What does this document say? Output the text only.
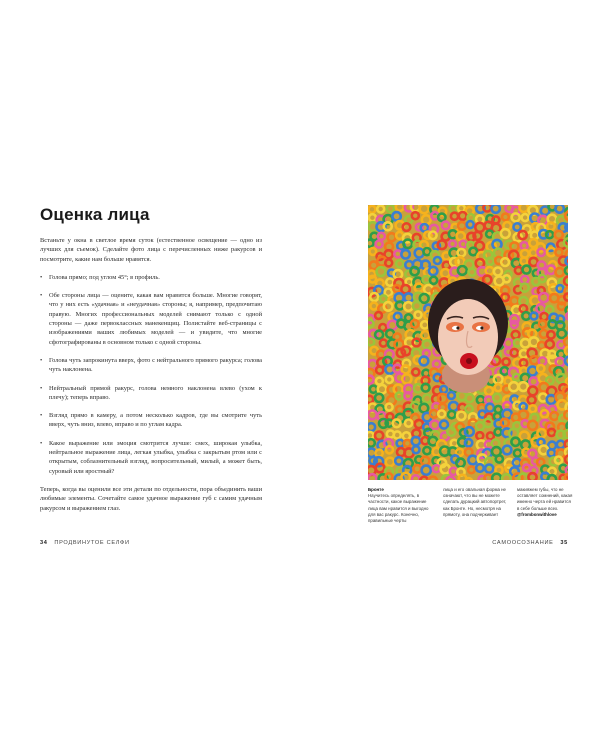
Оценка лица

Встаньте у окна в светлое время суток (естественное освещение — одно из лучших для съемок). Сделайте фото лица с перечисленных ниже ракурсов и посмотрите, какие нам больше нравятся.

• Голова прямо; под углом 45°; в профиль.
• Обе стороны лица — оцените, какая вам нравится больше. Многие говорят, что у них есть «удачная» и «неудачная» стороны; я, например, предпочитаю правую. Многих профессиональных моделей снимают только с одной стороны — даже первоклассных манекенщиц. Полистайте веб-страницы с изображениями ваших любимых моделей — и увидите, что многие сфотографированы в основном только с одной стороны.
• Голова чуть запрокинута вверх, фото с нейтрального прямого ракурса; голова чуть наклонена.
• Нейтральный прямой ракурс, голова немного наклонена влево (ухом к плечу); теперь вправо.
• Взгляд прямо в камеру, а потом несколько кадров, где вы смотрите чуть вверх, чуть вниз, влево, вправо и по углам кадра.
• Какое выражение или эмоция смотрится лучше: смех, широкая улыбка, нейтральное выражение лица, легкая улыбка, улыбка с закрытым ртом или с открытым, соблазнительный взгляд, вопросительный, милый, а может быть, суровый или яростный?

Теперь, когда вы оценили все эти детали по отдельности, пора объединить ваши любимые элементы. Сочетайте самое удачное выражение губ с самим удачным ракурсом и выражением глаз.

34 ПРОДВИНУТОЕ СЕЛФИ
Бронте
Научитесь определять, в частности, какое выражение лица вам нравится и выгодно для вас ракурс. Конечно, правильные черты
лица и его овальная форма не означают, что вы не можете сделать дурацкий автопортрет, как Бронте. Но, несмотря на прямоту, она подчеркивает
макияжем губы, что не оставляет сомнений, какая именно черта ей нравится в себе больше всех.
@frombonwithlove
САМООСОЗНАНИЕ 35
